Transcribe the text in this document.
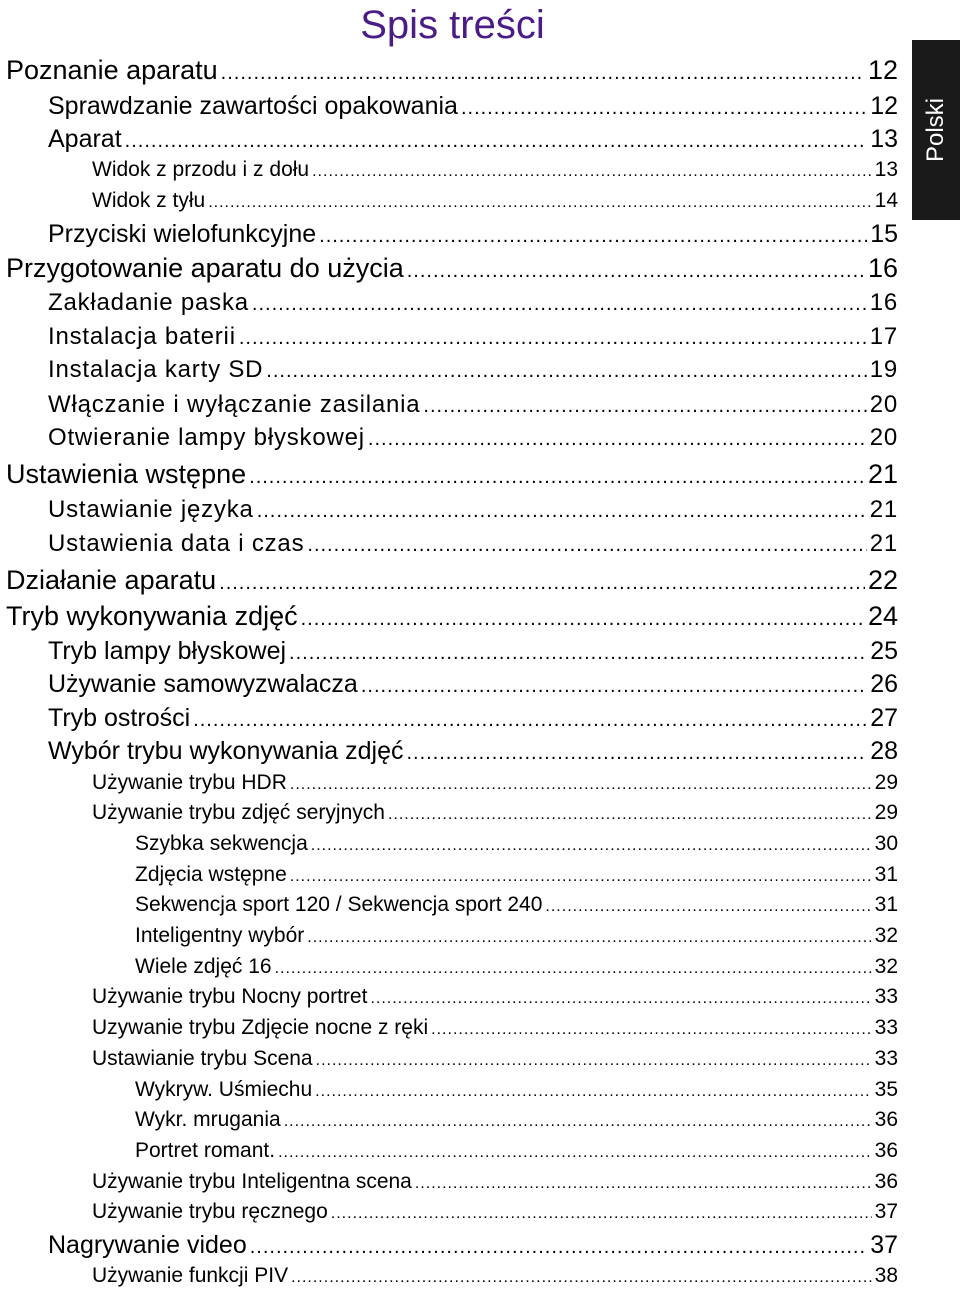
Spis treści
Polski
Poznanie aparatu .....	12
Sprawdzanie zawartości opakowania .....	12
Aparat .....	13
Widok z przodu i z dołu .....	13
Widok z tyłu .....	14
Przyciski wielofunkcyjne .....	15
Przygotowanie aparatu do użycia .....	16
Zakładanie paska .....	16
Instalacja baterii .....	17
Instalacja karty SD .....	19
Włączanie i wyłączanie zasilania .....	20
Otwieranie lampy błyskowej .....	20
Ustawienia wstępne .....	21
Ustawianie języka .....	21
Ustawienia data i czas .....	21
Działanie aparatu .....	22
Tryb wykonywania zdjęć .....	24
Tryb lampy błyskowej .....	25
Używanie samowyzwalacza .....	26
Tryb ostrości .....	27
Wybór trybu wykonywania zdjęć .....	28
Używanie trybu HDR .....	29
Używanie trybu zdjęć seryjnych .....	29
Szybka sekwencja .....	30
Zdjęcia wstępne .....	31
Sekwencja sport 120 / Sekwencja sport 240 .....	31
Inteligentny wybór .....	32
Wiele zdjęć 16 .....	32
Używanie trybu Nocny portret .....	33
Uzywanie trybu Zdjęcie nocne z ręki .....	33
Ustawianie trybu Scena .....	33
Wykryw. Uśmiechu .....	35
Wykr. mrugania .....	36
Portret romant. .....	36
Używanie trybu Inteligentna scena .....	36
Używanie trybu ręcznego .....	37
Nagrywanie video .....	37
Używanie funkcji PIV .....	38
